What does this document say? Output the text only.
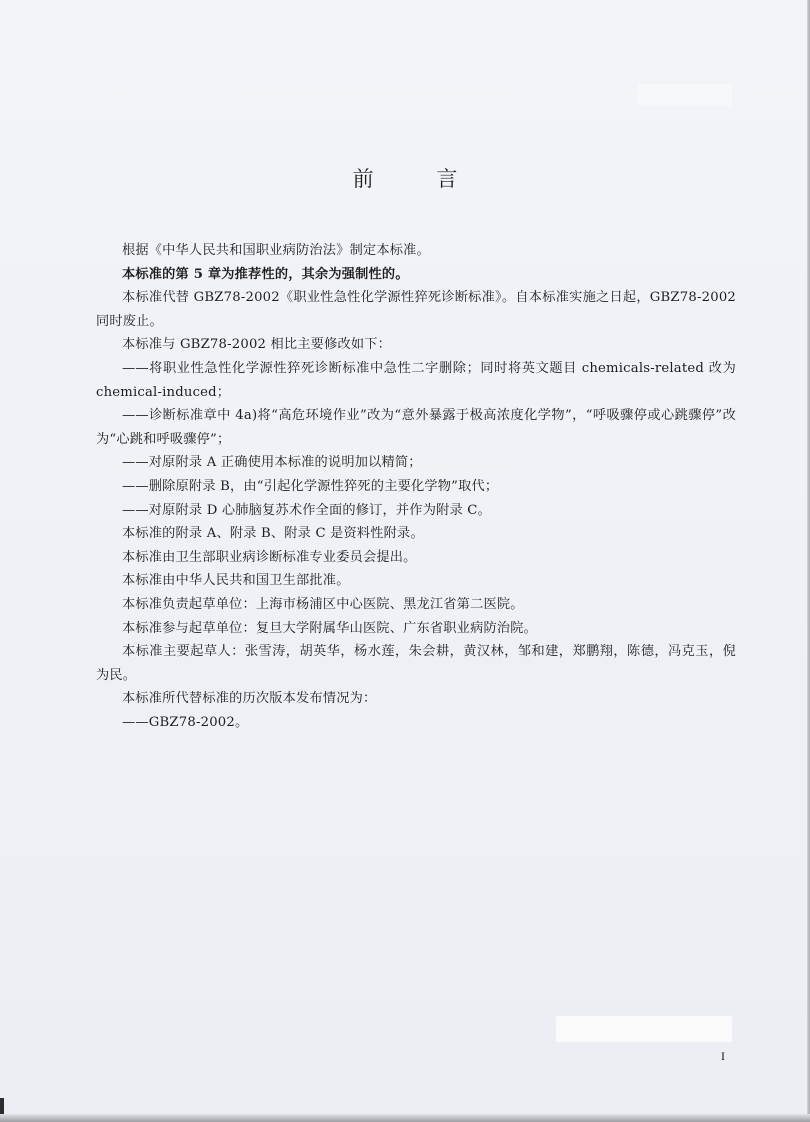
前 言

根据《中华人民共和国职业病防治法》制定本标准。

本标准的第 5 章为推荐性的，其余为强制性的。

本标准代替 GBZ78-2002《职业性急性化学源性猝死诊断标准》。自本标准实施之日起，GBZ78-2002同时废止。

本标准与 GBZ78-2002 相比主要修改如下：

——将职业性急性化学源性猝死诊断标准中急性二字删除；同时将英文题目 chemicals-related 改为 chemical-induced；

——诊断标准章中 4a)将“高危环境作业”改为“意外暴露于极高浓度化学物”，“呼吸骤停或心跳骤停”改为“心跳和呼吸骤停”；

——对原附录 A 正确使用本标准的说明加以精简；

——删除原附录 B，由“引起化学源性猝死的主要化学物”取代；

——对原附录 D 心肺脑复苏术作全面的修订，并作为附录 C。

本标准的附录 A、附录 B、附录 C 是资料性附录。

本标准由卫生部职业病诊断标准专业委员会提出。

本标准由中华人民共和国卫生部批准。

本标准负责起草单位：上海市杨浦区中心医院、黑龙江省第二医院。

本标准参与起草单位：复旦大学附属华山医院、广东省职业病防治院。

本标准主要起草人：张雪涛，胡英华，杨水莲，朱会耕，黄汉林，邹和建，郑鹏翔，陈德，冯克玉，倪为民。

本标准所代替标准的历次版本发布情况为：

——GBZ78-2002。

I
